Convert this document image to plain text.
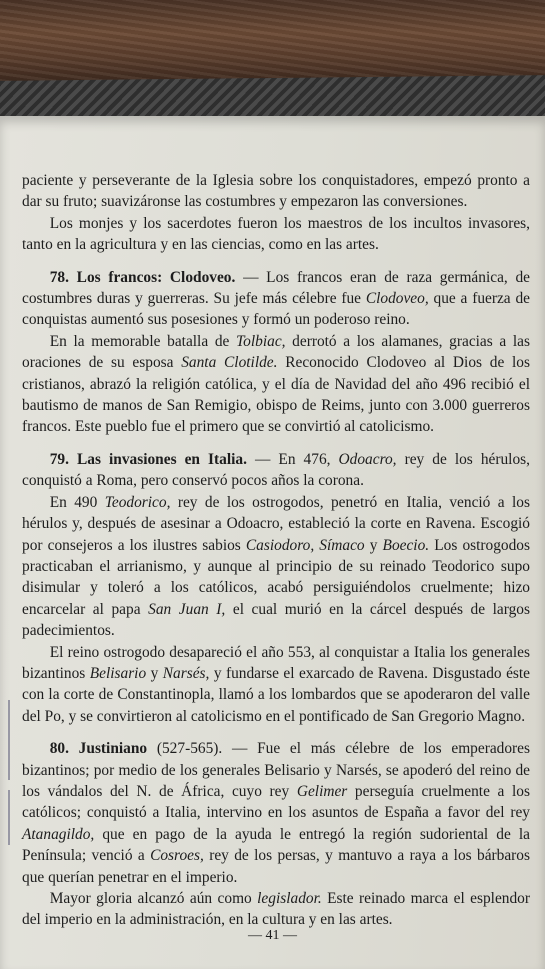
paciente y perseverante de la Iglesia sobre los conquistadores, empezó pronto a dar su fruto; suavizáronse las costumbres y empezaron las conversiones.

Los monjes y los sacerdotes fueron los maestros de los incultos invasores, tanto en la agricultura y en las ciencias, como en las artes.

78. Los francos: Clodoveo. — Los francos eran de raza germánica, de costumbres duras y guerreras. Su jefe más célebre fue Clodoveo, que a fuerza de conquistas aumentó sus posesiones y formó un poderoso reino.

En la memorable batalla de Tolbiac, derrotó a los alamanes, gracias a las oraciones de su esposa Santa Clotilde. Reconocido Clodoveo al Dios de los cristianos, abrazó la religión católica, y el día de Navidad del año 496 recibió el bautismo de manos de San Remigio, obispo de Reims, junto con 3.000 guerreros francos. Este pueblo fue el primero que se convirtió al catolicismo.

79. Las invasiones en Italia. — En 476, Odoacro, rey de los hérulos, conquistó a Roma, pero conservó pocos años la corona.

En 490 Teodorico, rey de los ostrogodos, penetró en Italia, venció a los hérulos y, después de asesinar a Odoacro, estableció la corte en Ravena. Escogió por consejeros a los ilustres sabios Casiodoro, Símaco y Boecio. Los ostrogodos practicaban el arrianismo, y aunque al principio de su reinado Teodorico supo disimular y toleró a los católicos, acabó persiguiéndolos cruelmente; hizo encarcelar al papa San Juan I, el cual murió en la cárcel después de largos padecimientos.

El reino ostrogodo desapareció el año 553, al conquistar a Italia los generales bizantinos Belisario y Narsés, y fundarse el exarcado de Ravena. Disgustado éste con la corte de Constantinopla, llamó a los lombardos que se apoderaron del valle del Po, y se convirtieron al catolicismo en el pontificado de San Gregorio Magno.

80. Justiniano (527-565). — Fue el más célebre de los emperadores bizantinos; por medio de los generales Belisario y Narsés, se apoderó del reino de los vándalos del N. de África, cuyo rey Gelimer perseguía cruelmente a los católicos; conquistó a Italia, intervino en los asuntos de España a favor del rey Atanagildo, que en pago de la ayuda le entregó la región sudoriental de la Península; venció a Cosroes, rey de los persas, y mantuvo a raya a los bárbaros que querían penetrar en el imperio.

Mayor gloria alcanzó aún como legislador. Este reinado marca el esplendor del imperio en la administración, en la cultura y en las artes.

— 41 —
